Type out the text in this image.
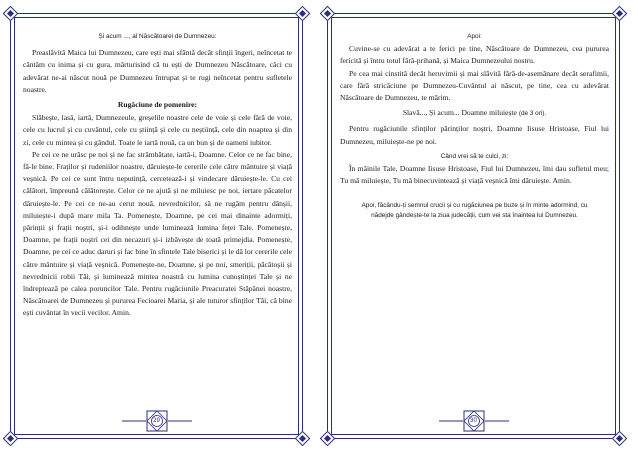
Și acum ..., al Născătoarei de Dumnezeu:

Preaslăvită Maica lui Dumnezeu, care ești mai sfântă decât sfinții îngeri, neîncetat te cântăm cu inima și cu gura, mărturisind că tu ești de Dumnezeu Născătoare, căci cu adevărat ne-ai născut nouă pe Dumnezeu întrupat și te rugi neîncetat pentru sufletele noastre.

Rugăciune de pomenire:

Slăbește, lasă, iartă, Dumnezeule, greșelile noastre cele de voie și cele fără de voie, cele cu lucrul și cu cuvântul, cele cu știință și cele cu neștiință, cele din noaptea și din zi, cele cu mintea și cu gândul. Toate le iartă nouă, ca un bun și de oameni iubitor.

Pe cei ce ne urăsc pe noi și ne fac strâmbătate, iartă-i, Doamne. Celor ce ne fac bine, fă-le bine. Fraților și rudeniilor noastre, dăruiește-le cererile cele către mântuire și viață veșnică. Pe cei ce sunt întru neputință, cercetează-i și vindecare dăruiește-le. Cu cei călători, împreună călătorește. Celor ce ne ajută și ne miluiesc pe noi, iertare păcatelor dăruiește-le. Pe cei ce ne-au cerut nouă, nevrednicilor, să ne rugăm pentru dânșii, miluiește-i după mare mila Ta. Pomenește, Doamne, pe cei mai dinainte adormiți, părinții și frații noștri, și-i odihnește unde luminează lumina feței Tale. Pomenește, Doamne, pe frații noștri cei din necazuri și-i izbăvește de toată primejdia. Pomenește, Doamne, pe cei ce aduc daruri și fac bine în sfintele Tale biserici și le dă lor cererile cele către mântuire și viață veșnică. Pomenește-ne, Doamne, și pe noi, smeriții, păcătoșii și nevrednicii robii Tăi, și luminează mintea noastră cu lumina cunoștinței Tale și ne îndreptează pe calea poruncilor Tale. Pentru rugăciunile Preacuratei Stăpânei noastre, Născătoarei de Dumnezeu și pururea Fecioarei Maria, și ale tuturor sfinților Tăi, că bine ești cuvântat în vecii vecilor. Amin.

29

Apoi:

Cuvine-se cu adevărat a te ferici pe tine, Născătoare de Dumnezeu, cea pururea fericită și întru totul fără-prihană, și Maica Dumnezeului nostru.

Pe cea mai cinstită decât heruvimii și mai slăvită fără-de-asemănare decât serafimii, care fără stricăciune pe Dumnezeu-Cuvântul ai născut, pe tine, cea cu adevărat Născătoare de Dumnezeu, te mărim.

Slavă..., Și acum... Doamne miluiește (de 3 ori).

Pentru rugăciunile sfinților părinților noștri, Doamne Iisuse Hristoase, Fiul lui Dumnezeu, miluiește-ne pe noi.

Când vrei să te culci, zi:

În mâinile Tale, Doamne Iisuse Hristoase, Fiul lui Dumnezeu, îmi dau sufletul meu; Tu mă miluiește, Tu mă binecuvintează și viață veșnică îmi dăruiește. Amin.

Apoi, făcându-ți semnul crucii și cu rugăciunea pe buze și în minte adormind, cu nădejde gândește-te la ziua judecății, cum vei sta înaintea lui Dumnezeu.

30
